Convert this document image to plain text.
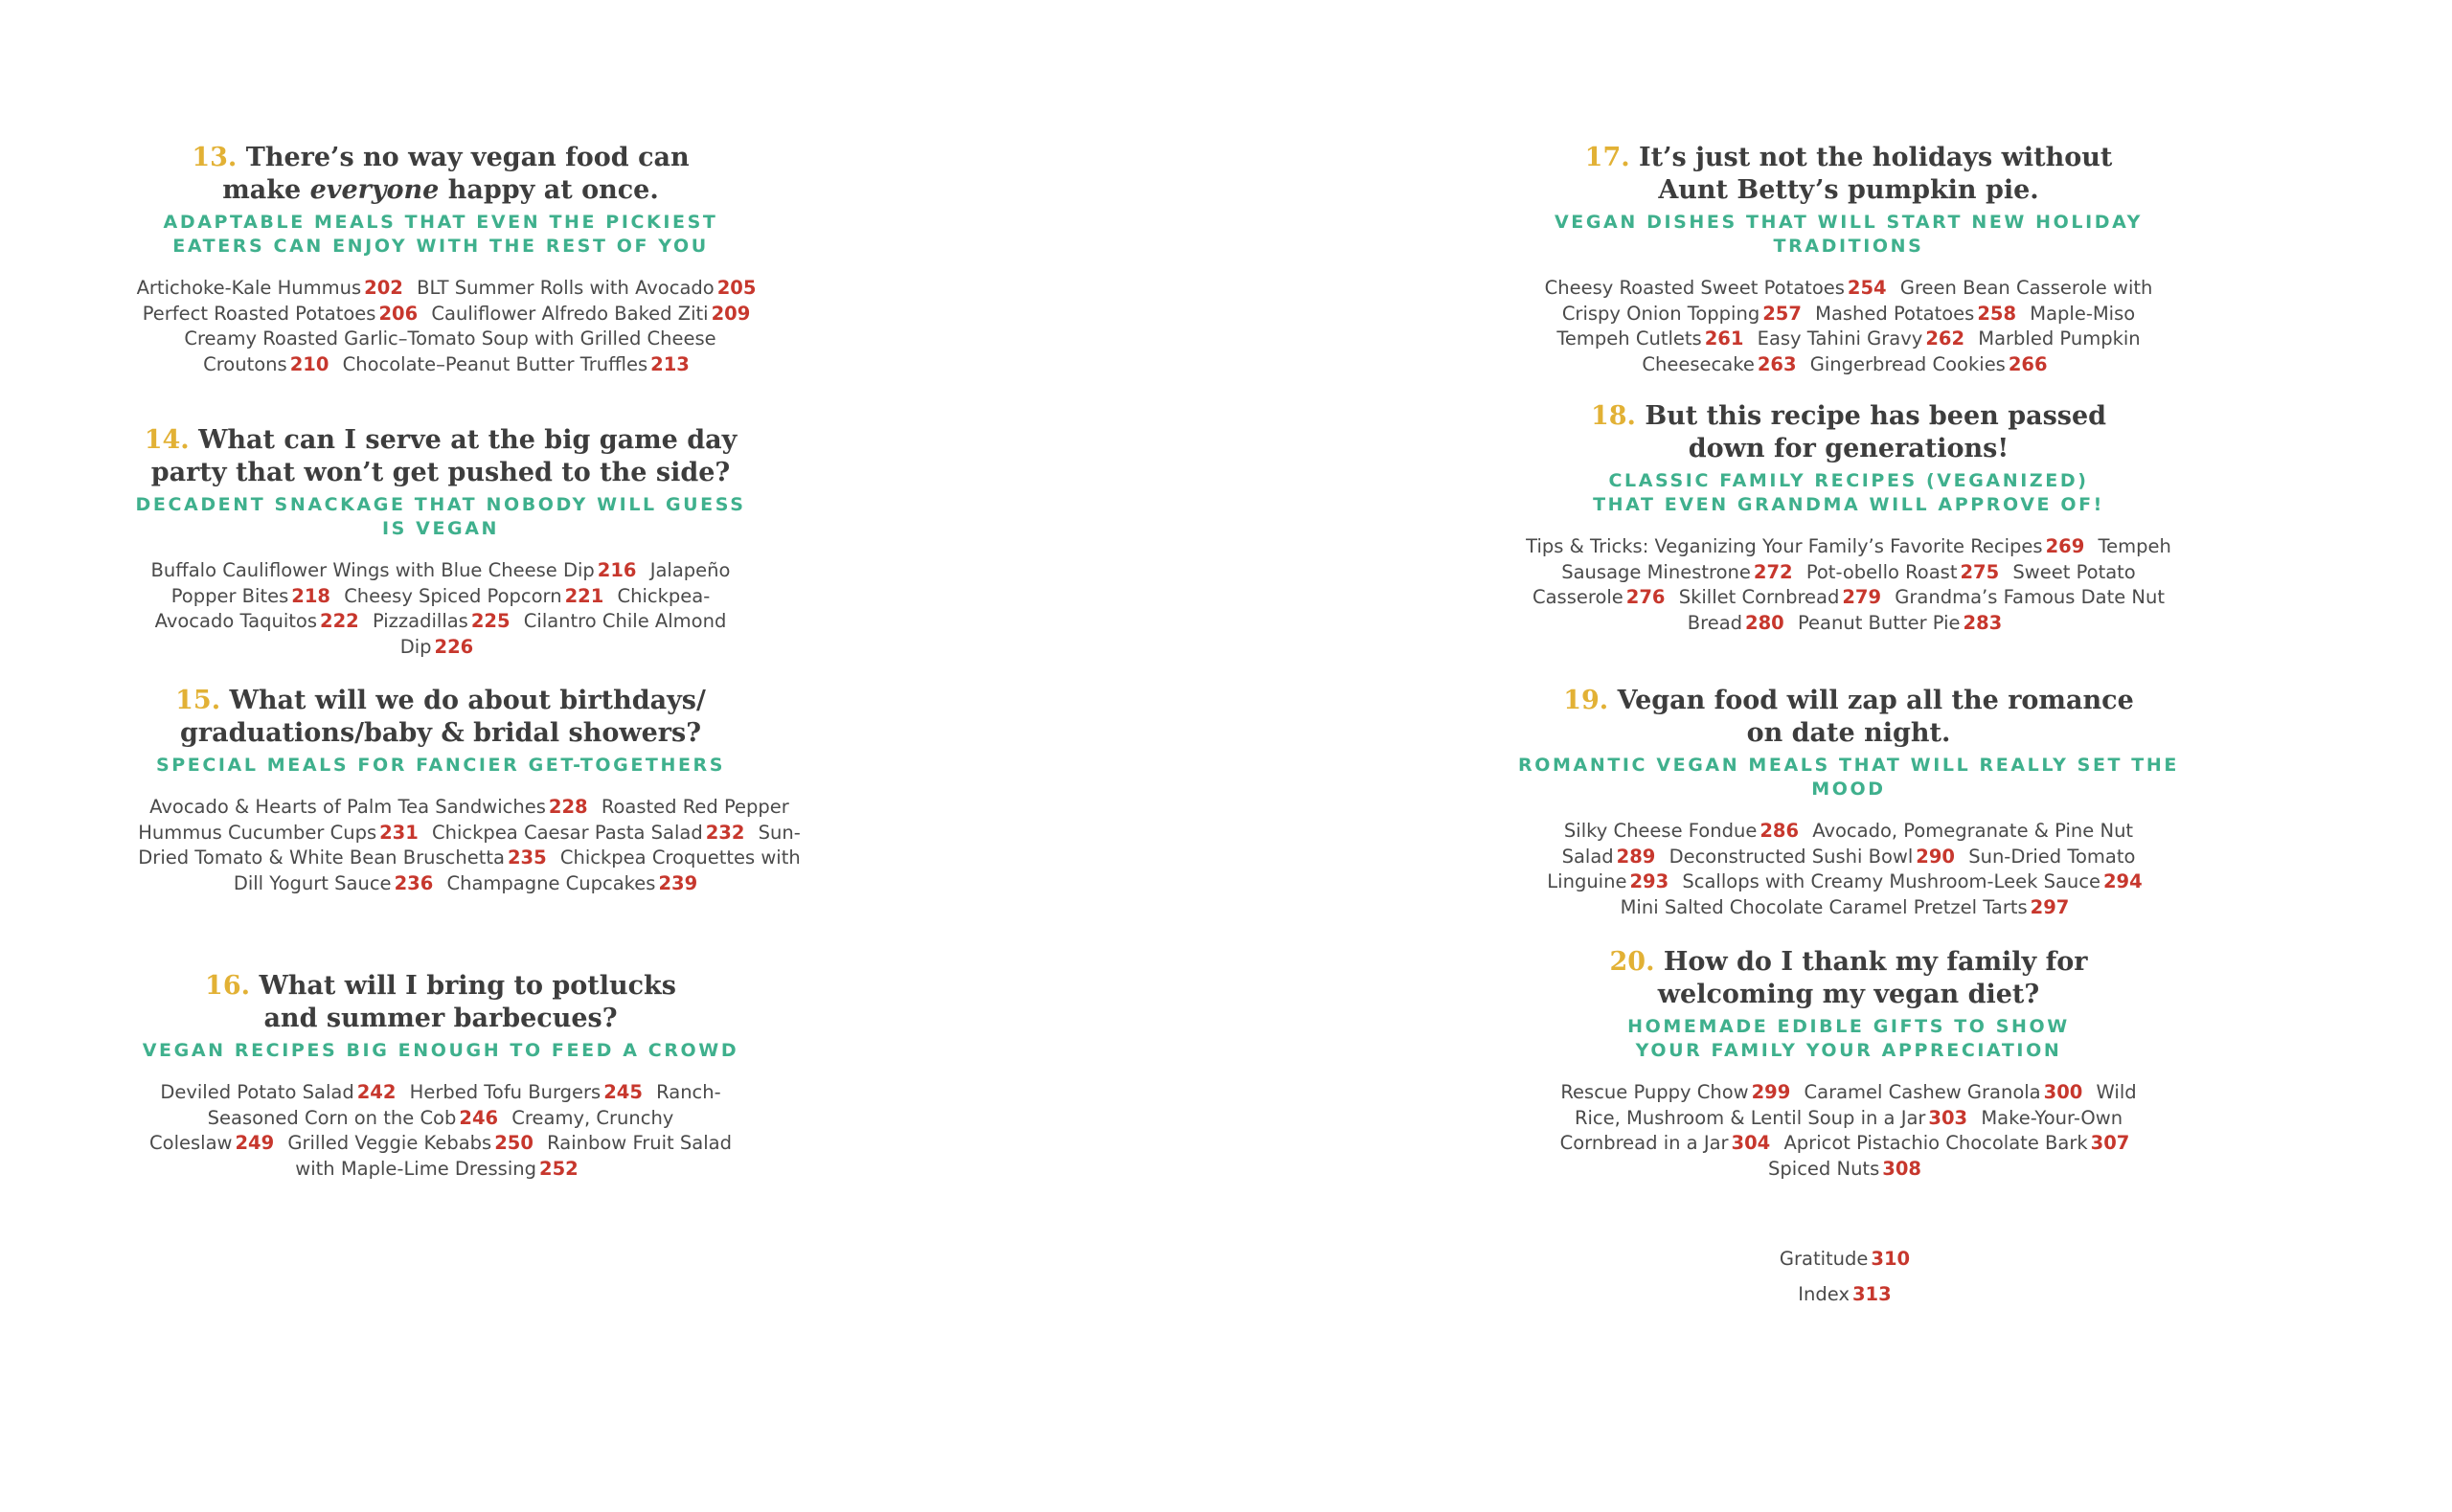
13. There’s no way vegan food can
make everyone happy at once.
ADAPTABLE MEALS THAT EVEN THE PICKIEST
EATERS CAN ENJOY WITH THE REST OF YOU
Artichoke-Kale Hummus 202 BLT Summer Rolls with Avocado 205 Perfect Roasted Potatoes 206 Cauliflower Alfredo Baked Ziti 209 Creamy Roasted Garlic–Tomato Soup with Grilled Cheese Croutons 210 Chocolate–Peanut Butter Truffles 213
14. What can I serve at the big game day
party that won’t get pushed to the side?
DECADENT SNACKAGE THAT NOBODY WILL GUESS IS VEGAN
Buffalo Cauliflower Wings with Blue Cheese Dip 216 Jalapeño Popper Bites 218 Cheesy Spiced Popcorn 221 Chickpea-Avocado Taquitos 222 Pizzadillas 225 Cilantro Chile Almond Dip 226
15. What will we do about birthdays/
graduations/baby & bridal showers?
SPECIAL MEALS FOR FANCIER GET-TOGETHERS
Avocado & Hearts of Palm Tea Sandwiches 228 Roasted Red Pepper Hummus Cucumber Cups 231 Chickpea Caesar Pasta Salad 232 Sun-Dried Tomato & White Bean Bruschetta 235 Chickpea Croquettes with Dill Yogurt Sauce 236 Champagne Cupcakes 239
16. What will I bring to potlucks
and summer barbecues?
VEGAN RECIPES BIG ENOUGH TO FEED A CROWD
Deviled Potato Salad 242 Herbed Tofu Burgers 245 Ranch-Seasoned Corn on the Cob 246 Creamy, Crunchy Coleslaw 249 Grilled Veggie Kebabs 250 Rainbow Fruit Salad with Maple-Lime Dressing 252
17. It’s just not the holidays without
Aunt Betty’s pumpkin pie.
VEGAN DISHES THAT WILL START NEW HOLIDAY TRADITIONS
Cheesy Roasted Sweet Potatoes 254 Green Bean Casserole with Crispy Onion Topping 257 Mashed Potatoes 258 Maple-Miso Tempeh Cutlets 261 Easy Tahini Gravy 262 Marbled Pumpkin Cheesecake 263 Gingerbread Cookies 266
18. But this recipe has been passed
down for generations!
CLASSIC FAMILY RECIPES (VEGANIZED)
THAT EVEN GRANDMA WILL APPROVE OF!
Tips & Tricks: Veganizing Your Family’s Favorite Recipes 269 Tempeh Sausage Minestrone 272 Pot-obello Roast 275 Sweet Potato Casserole 276 Skillet Cornbread 279 Grandma’s Famous Date Nut Bread 280 Peanut Butter Pie 283
19. Vegan food will zap all the romance
on date night.
ROMANTIC VEGAN MEALS THAT WILL REALLY SET THE MOOD
Silky Cheese Fondue 286 Avocado, Pomegranate & Pine Nut Salad 289 Deconstructed Sushi Bowl 290 Sun-Dried Tomato Linguine 293 Scallops with Creamy Mushroom-Leek Sauce 294 Mini Salted Chocolate Caramel Pretzel Tarts 297
20. How do I thank my family for
welcoming my vegan diet?
HOMEMADE EDIBLE GIFTS TO SHOW
YOUR FAMILY YOUR APPRECIATION
Rescue Puppy Chow 299 Caramel Cashew Granola 300 Wild Rice, Mushroom & Lentil Soup in a Jar 303 Make-Your-Own Cornbread in a Jar 304 Apricot Pistachio Chocolate Bark 307 Spiced Nuts 308
Gratitude 310
Index 313
